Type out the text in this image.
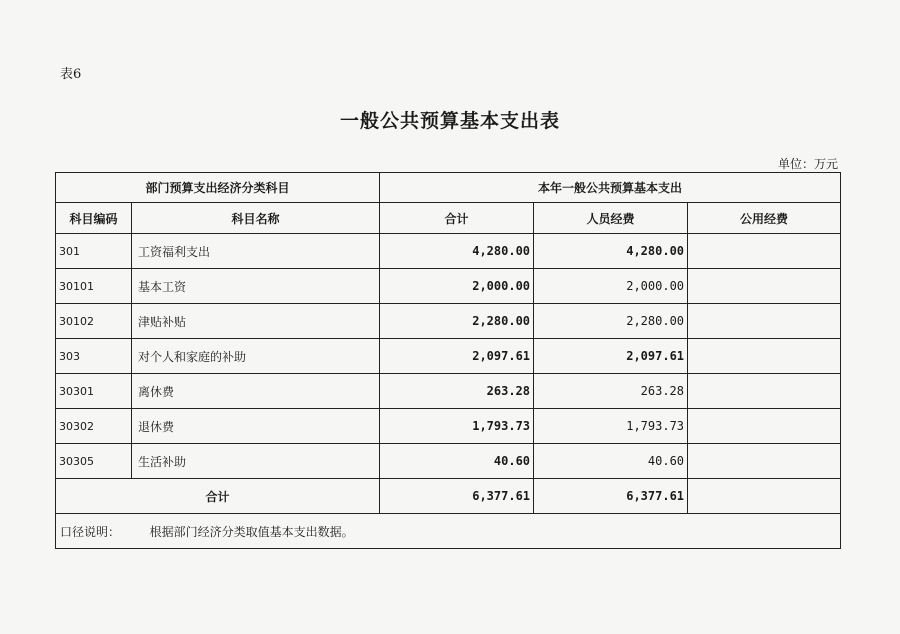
表6
一般公共预算基本支出表
单位：万元
部门预算支出经济分类科目		本年一般公共预算基本支出		
科目编码	科目名称	合计	人员经费	公用经费
301	工资福利支出	4,280.00	4,280.00	
30101	基本工资	2,000.00	2,000.00	
30102	津贴补贴	2,280.00	2,280.00	
303	对个人和家庭的补助	2,097.61	2,097.61	
30301	离休费	263.28	263.28	
30302	退休费	1,793.73	1,793.73	
30305	生活补助	40.60	40.60	
合计		6,377.61	6,377.61	
口径说明： 根据部门经济分类取值基本支出数据。				
